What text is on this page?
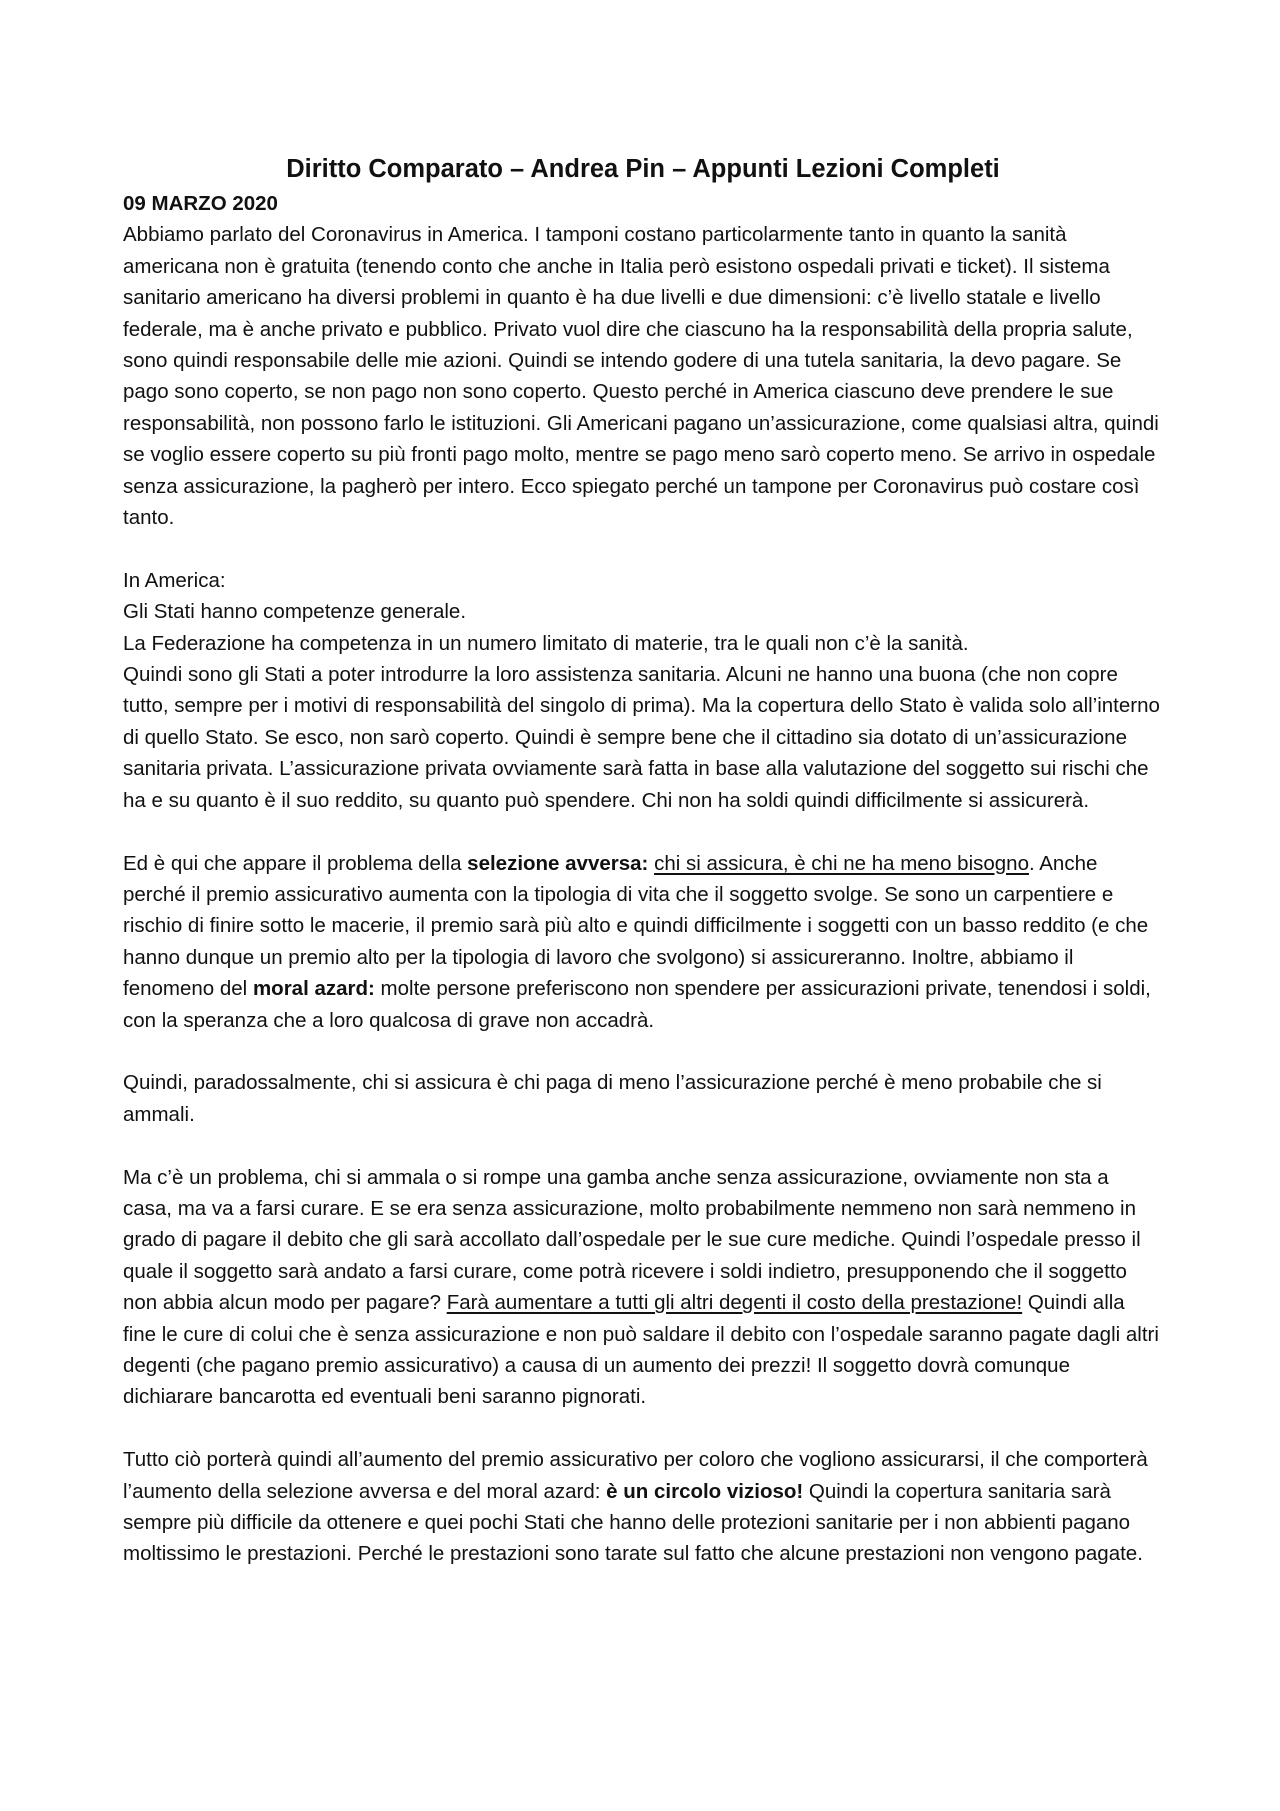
Diritto Comparato – Andrea Pin – Appunti Lezioni Completi

09 MARZO 2020

Abbiamo parlato del Coronavirus in America. I tamponi costano particolarmente tanto in quanto la sanità americana non è gratuita (tenendo conto che anche in Italia però esistono ospedali privati e ticket). Il sistema sanitario americano ha diversi problemi in quanto è ha due livelli e due dimensioni: c’è livello statale e livello federale, ma è anche privato e pubblico. Privato vuol dire che ciascuno ha la responsabilità della propria salute, sono quindi responsabile delle mie azioni. Quindi se intendo godere di una tutela sanitaria, la devo pagare. Se pago sono coperto, se non pago non sono coperto. Questo perché in America ciascuno deve prendere le sue responsabilità, non possono farlo le istituzioni. Gli Americani pagano un’assicurazione, come qualsiasi altra, quindi se voglio essere coperto su più fronti pago molto, mentre se pago meno sarò coperto meno. Se arrivo in ospedale senza assicurazione, la pagherò per intero. Ecco spiegato perché un tampone per Coronavirus può costare così tanto.

In America:

Gli Stati hanno competenze generale.

La Federazione ha competenza in un numero limitato di materie, tra le quali non c’è la sanità.

Quindi sono gli Stati a poter introdurre la loro assistenza sanitaria. Alcuni ne hanno una buona (che non copre tutto, sempre per i motivi di responsabilità del singolo di prima). Ma la copertura dello Stato è valida solo all’interno di quello Stato. Se esco, non sarò coperto. Quindi è sempre bene che il cittadino sia dotato di un’assicurazione sanitaria privata. L’assicurazione privata ovviamente sarà fatta in base alla valutazione del soggetto sui rischi che ha e su quanto è il suo reddito, su quanto può spendere. Chi non ha soldi quindi difficilmente si assicurerà.

Ed è qui che appare il problema della selezione avversa: chi si assicura, è chi ne ha meno bisogno. Anche perché il premio assicurativo aumenta con la tipologia di vita che il soggetto svolge. Se sono un carpentiere e rischio di finire sotto le macerie, il premio sarà più alto e quindi difficilmente i soggetti con un basso reddito (e che hanno dunque un premio alto per la tipologia di lavoro che svolgono) si assicureranno. Inoltre, abbiamo il fenomeno del moral azard: molte persone preferiscono non spendere per assicurazioni private, tenendosi i soldi, con la speranza che a loro qualcosa di grave non accadrà.

Quindi, paradossalmente, chi si assicura è chi paga di meno l’assicurazione perché è meno probabile che si ammali.

Ma c’è un problema, chi si ammala o si rompe una gamba anche senza assicurazione, ovviamente non sta a casa, ma va a farsi curare. E se era senza assicurazione, molto probabilmente nemmeno non sarà nemmeno in grado di pagare il debito che gli sarà accollato dall’ospedale per le sue cure mediche. Quindi l’ospedale presso il quale il soggetto sarà andato a farsi curare, come potrà ricevere i soldi indietro, presupponendo che il soggetto non abbia alcun modo per pagare? Farà aumentare a tutti gli altri degenti il costo della prestazione! Quindi alla fine le cure di colui che è senza assicurazione e non può saldare il debito con l’ospedale saranno pagate dagli altri degenti (che pagano premio assicurativo) a causa di un aumento dei prezzi! Il soggetto dovrà comunque dichiarare bancarotta ed eventuali beni saranno pignorati.

Tutto ciò porterà quindi all’aumento del premio assicurativo per coloro che vogliono assicurarsi, il che comporterà l’aumento della selezione avversa e del moral azard: è un circolo vizioso! Quindi la copertura sanitaria sarà sempre più difficile da ottenere e quei pochi Stati che hanno delle protezioni sanitarie per i non abbienti pagano moltissimo le prestazioni. Perché le prestazioni sono tarate sul fatto che alcune prestazioni non vengono pagate.
